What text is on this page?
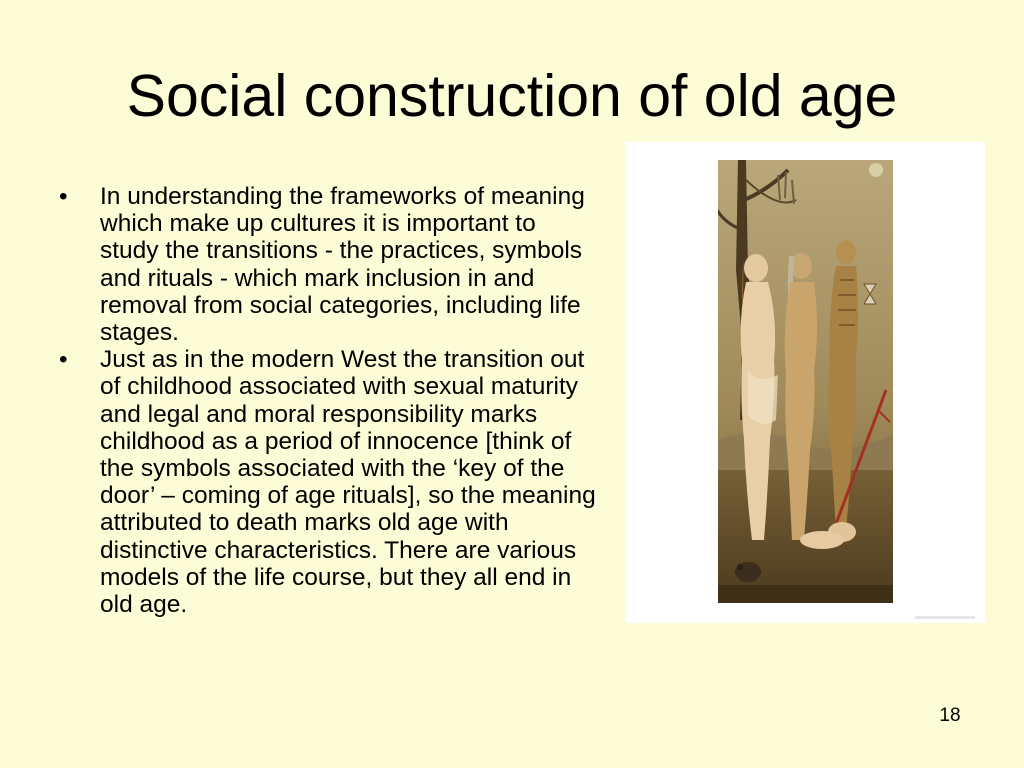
Social construction of old age
• In understanding the frameworks of meaning which make up cultures it is important to study the transitions - the practices, symbols and rituals - which mark inclusion in and removal from social categories, including life stages.
• Just as in the modern West the transition out of childhood associated with sexual maturity and legal and moral responsibility marks childhood as a period of innocence [think of the symbols associated with the ‘key of the door’ – coming of age rituals], so the meaning attributed to death marks old age with distinctive characteristics. There are various models of the life course, but they all end in old age.
18
